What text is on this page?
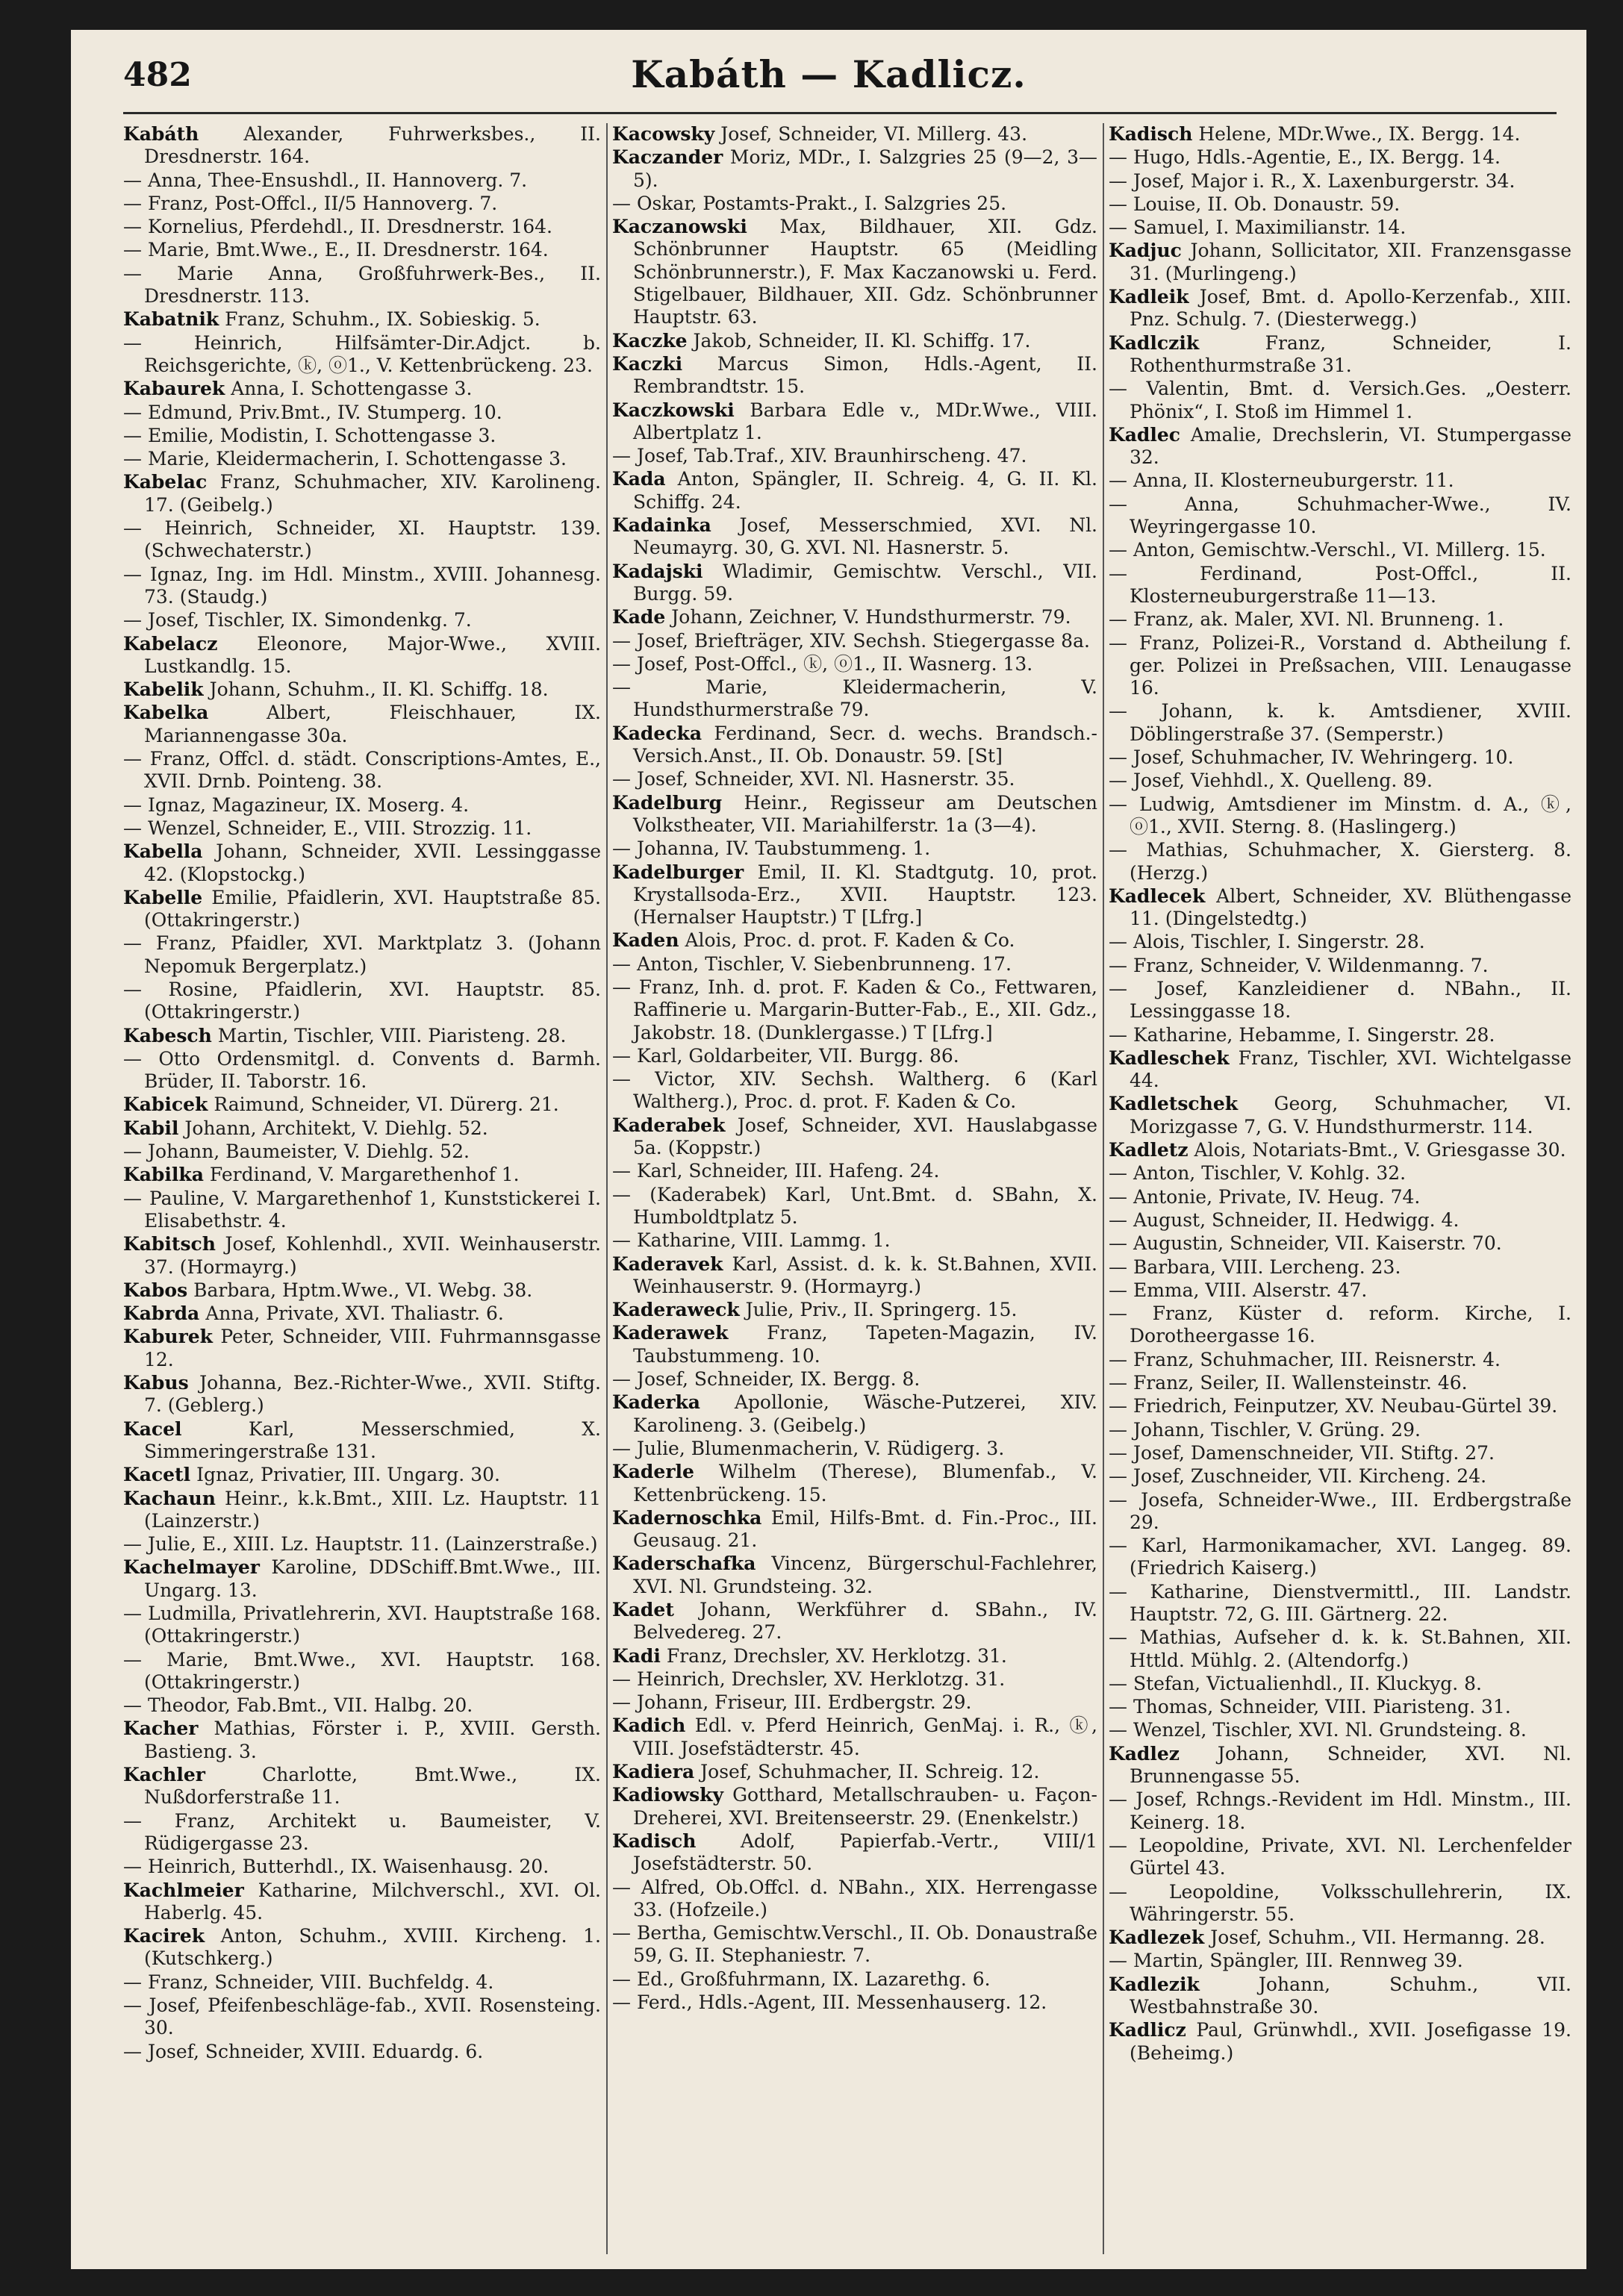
482	Kabáth — Kadlicz.
Kabáth Alexander, Fuhrwerksbes., II. Dresdnerstr. 164.
— Anna, Thee-Ensushdl., II. Hannoverg. 7.
— Franz, Post-Offcl., II/5 Hannoverg. 7.
— Kornelius, Pferdehdl., II. Dresdnerstr. 164.
— Marie, Bmt.Wwe., E., II. Dresdnerstr. 164.
— Marie Anna, Großfuhrwerk-Bes., II. Dresdnerstr. 113.
Kabatnik Franz, Schuhm., IX. Sobieskig. 5.
— Heinrich, Hilfsämter-Dir.Adjct. b. Reichsgerichte, ⓚ, ⓞ1., V. Kettenbrückeng. 23.
Kabaurek Anna, I. Schottengasse 3.
— Edmund, Priv.Bmt., IV. Stumperg. 10.
— Emilie, Modistin, I. Schottengasse 3.
— Marie, Kleidermacherin, I. Schottengasse 3.
Kabelac Franz, Schuhmacher, XIV. Karolineng. 17. (Geibelg.)
— Heinrich, Schneider, XI. Hauptstr. 139. (Schwechaterstr.)
— Ignaz, Ing. im Hdl. Minstm., XVIII. Johannesg. 73. (Staudg.)
— Josef, Tischler, IX. Simondenkg. 7.
Kabelacz Eleonore, Major-Wwe., XVIII. Lustkandlg. 15.
Kabelik Johann, Schuhm., II. Kl. Schiffg. 18.
Kabelka	Albert, Fleischhauer, IX. Mariannengasse 30a.
— Franz, Offcl. d. städt. Conscriptions-Amtes, E., XVII. Drnb. Pointeng. 38.
— Ignaz, Magazineur, IX. Moserg. 4.
— Wenzel, Schneider, E., VIII. Strozzig. 11.
Kabella Johann, Schneider, XVII. Lessinggasse 42. (Klopstockg.)
Kabelle Emilie, Pfaidlerin, XVI. Hauptstraße 85. (Ottakringerstr.)
— Franz, Pfaidler, XVI. Marktplatz 3. (Johann Nepomuk Bergerplatz.)
— Rosine, Pfaidlerin, XVI. Hauptstr. 85. (Ottakringerstr.)
Kabesch Martin, Tischler, VIII. Piaristeng. 28.
— Otto Ordensmitgl. d. Convents d. Barmh. Brüder, II. Taborstr. 16.
Kabicek Raimund, Schneider, VI. Dürerg. 21.
Kabil Johann, Architekt, V. Diehlg. 52.
— Johann, Baumeister, V. Diehlg. 52.
Kabilka Ferdinand, V. Margarethenhof 1.
— Pauline, V. Margarethenhof 1, Kunststickerei I. Elisabethstr. 4.
Kabitsch Josef, Kohlenhdl., XVII. Weinhauserstr. 37. (Hormayrg.)
Kabos Barbara, Hptm.Wwe., VI. Webg. 38.
Kabrda Anna, Private, XVI. Thaliastr. 6.
Kaburek Peter, Schneider, VIII. Fuhrmannsgasse 12.
Kabus Johanna, Bez.-Richter-Wwe., XVII. Stiftg. 7. (Geblerg.)
Kacel	Karl, Messerschmied, X. Simmeringerstraße 131.
Kacetl Ignaz, Privatier, III. Ungarg. 30.
Kachaun Heinr., k.k.Bmt., XIII. Lz. Hauptstr. 11 (Lainzerstr.)
— Julie, E., XIII. Lz. Hauptstr. 11. (Lainzerstraße.)
Kachelmayer Karoline, DDSchiff.Bmt.Wwe., III. Ungarg. 13.
— Ludmilla, Privatlehrerin, XVI. Hauptstraße 168. (Ottakringerstr.)
— Marie, Bmt.Wwe., XVI. Hauptstr. 168. (Ottakringerstr.)
— Theodor, Fab.Bmt., VII. Halbg. 20.
Kacher Mathias, Förster i. P., XVIII. Gersth. Bastieng. 3.
Kachler	Charlotte, Bmt.Wwe., IX. Nußdorferstraße 11.
— Franz, Architekt u. Baumeister, V. Rüdigergasse 23.
— Heinrich, Butterhdl., IX. Waisenhausg. 20.
Kachlmeier Katharine, Milchverschl., XVI. Ol. Haberlg. 45.
Kacirek Anton, Schuhm., XVIII. Kircheng. 1. (Kutschkerg.)
— Franz, Schneider, VIII. Buchfeldg. 4.
— Josef, Pfeifenbeschläge-fab., XVII. Rosensteing. 30.
— Josef, Schneider, XVIII. Eduardg. 6.
Kacowsky Josef, Schneider, VI. Millerg. 43.
Kaczander Moriz, MDr., I. Salzgries 25 (9—2, 3—5).
— Oskar, Postamts-Prakt., I. Salzgries 25.
Kaczanowski Max, Bildhauer, XII. Gdz. Schönbrunner Hauptstr. 65 (Meidling Schönbrunnerstr.), F. Max Kaczanowski u. Ferd. Stigelbauer, Bildhauer, XII. Gdz. Schönbrunner Hauptstr. 63.
Kaczke Jakob, Schneider, II. Kl. Schiffg. 17.
Kaczki Marcus Simon, Hdls.-Agent, II. Rembrandtstr. 15.
Kaczkowski Barbara Edle v., MDr.Wwe., VIII. Albertplatz 1.
— Josef, Tab.Traf., XIV. Braunhirscheng. 47.
Kada Anton, Spängler, II. Schreig. 4, G. II. Kl. Schiffg. 24.
Kadainka Josef, Messerschmied, XVI. Nl. Neumayrg. 30, G. XVI. Nl. Hasnerstr. 5.
Kadajski Wladimir, Gemischtw. Verschl., VII. Burgg. 59.
Kade Johann, Zeichner, V. Hundsthurmerstr. 79.
— Josef, Briefträger, XIV. Sechsh. Stiegergasse 8a.
— Josef, Post-Offcl., ⓚ, ⓞ1., II. Wasnerg. 13.
— Marie, Kleidermacherin, V. Hundsthurmerstraße 79.
Kadecka Ferdinand, Secr. d. wechs. Brandsch.-Versich.Anst., II. Ob. Donaustr. 59. [St]
— Josef, Schneider, XVI. Nl. Hasnerstr. 35.
Kadelburg Heinr., Regisseur am Deutschen Volkstheater, VII. Mariahilferstr. 1a (3—4).
— Johanna, IV. Taubstummeng. 1.
Kadelburger Emil, II. Kl. Stadtgutg. 10, prot. Krystallsoda-Erz., XVII. Hauptstr. 123. (Hernalser Hauptstr.) T [Lfrg.]
Kaden Alois, Proc. d. prot. F. Kaden & Co.
— Anton, Tischler, V. Siebenbrunneng. 17.
— Franz, Inh. d. prot. F. Kaden & Co., Fettwaren, Raffinerie u. Margarin-Butter-Fab., E., XII. Gdz., Jakobstr. 18. (Dunklergasse.) T [Lfrg.]
— Karl, Goldarbeiter, VII. Burgg. 86.
— Victor, XIV. Sechsh. Waltherg. 6 (Karl Waltherg.), Proc. d. prot. F. Kaden & Co.
Kaderabek Josef, Schneider, XVI. Hauslabgasse 5a. (Koppstr.)
— Karl, Schneider, III. Hafeng. 24.
— (Kaderabek) Karl, Unt.Bmt. d. SBahn, X. Humboldtplatz 5.
— Katharine, VIII. Lammg. 1.
Kaderavek Karl, Assist. d. k. k. St.Bahnen, XVII. Weinhauserstr. 9. (Hormayrg.)
Kaderaweck Julie, Priv., II. Springerg. 15.
Kaderawek Franz, Tapeten-Magazin, IV. Taubstummeng. 10.
— Josef, Schneider, IX. Bergg. 8.
Kaderka Apollonie, Wäsche-Putzerei, XIV. Karolineng. 3. (Geibelg.)
— Julie, Blumenmacherin, V. Rüdigerg. 3.
Kaderle Wilhelm (Therese), Blumenfab., V. Kettenbrückeng. 15.
Kadernoschka Emil, Hilfs-Bmt. d. Fin.-Proc., III. Geusaug. 21.
Kaderschafka Vincenz, Bürgerschul-Fachlehrer, XVI. Nl. Grundsteing. 32.
Kadet Johann, Werkführer d. SBahn., IV. Belvedereg. 27.
Kadi Franz, Drechsler, XV. Herklotzg. 31.
— Heinrich, Drechsler, XV. Herklotzg. 31.
— Johann, Friseur, III. Erdbergstr. 29.
Kadich Edl. v. Pferd Heinrich, GenMaj. i. R., ⓚ, VIII. Josefstädterstr. 45.
Kadiera Josef, Schuhmacher, II. Schreig. 12.
Kadiowsky Gotthard, Metallschrauben- u. Façon-Dreherei, XVI. Breitenseerstr. 29. (Enenkelstr.)
Kadisch Adolf, Papierfab.-Vertr., VIII/1 Josefstädterstr. 50.
— Alfred, Ob.Offcl. d. NBahn., XIX. Herrengasse 33. (Hofzeile.)
— Bertha, Gemischtw.Verschl., II. Ob. Donaustraße 59, G. II. Stephaniestr. 7.
— Ed., Großfuhrmann, IX. Lazarethg. 6.
— Ferd., Hdls.-Agent, III. Messenhauserg. 12.
Kadisch Helene, MDr.Wwe., IX. Bergg. 14.
— Hugo, Hdls.-Agentie, E., IX. Bergg. 14.
— Josef, Major i. R., X. Laxenburgerstr. 34.
— Louise, II. Ob. Donaustr. 59.
— Samuel, I. Maximilianstr. 14.
Kadjuc Johann, Sollicitator, XII. Franzensgasse 31. (Murlingeng.)
Kadleik Josef, Bmt. d. Apollo-Kerzenfab., XIII. Pnz. Schulg. 7. (Diesterwegg.)
Kadlczik	Franz, Schneider, I. Rothenthurmstraße 31.
— Valentin, Bmt. d. Versich.Ges. „Oesterr. Phönix“, I. Stoß im Himmel 1.
Kadlec Amalie, Drechslerin, VI. Stumpergasse 32.
— Anna, II. Klosterneuburgerstr. 11.
— Anna, Schuhmacher-Wwe., IV. Weyringergasse 10.
— Anton, Gemischtw.-Verschl., VI. Millerg. 15.
— Ferdinand, Post-Offcl., II. Klosterneuburgerstraße 11—13.
— Franz, ak. Maler, XVI. Nl. Brunneng. 1.
— Franz, Polizei-R., Vorstand d. Abtheilung f. ger. Polizei in Preßsachen, VIII. Lenaugasse 16.
— Johann, k. k. Amtsdiener, XVIII. Döblingerstraße 37. (Semperstr.)
— Josef, Schuhmacher, IV. Wehringerg. 10.
— Josef, Viehhdl., X. Quelleng. 89.
— Ludwig, Amtsdiener im Minstm. d. A., ⓚ, ⓞ1., XVII. Sterng. 8. (Haslingerg.)
— Mathias, Schuhmacher, X. Giersterg. 8. (Herzg.)
Kadlecek Albert, Schneider, XV. Blüthengasse 11. (Dingelstedtg.)
— Alois, Tischler, I. Singerstr. 28.
— Franz, Schneider, V. Wildenmanng. 7.
— Josef, Kanzleidiener d. NBahn., II. Lessinggasse 18.
— Katharine, Hebamme, I. Singerstr. 28.
Kadleschek Franz, Tischler, XVI. Wichtelgasse 44.
Kadletschek Georg, Schuhmacher, VI. Morizgasse 7, G. V. Hundsthurmerstr. 114.
Kadletz Alois, Notariats-Bmt., V. Griesgasse 30.
— Anton, Tischler, V. Kohlg. 32.
— Antonie, Private, IV. Heug. 74.
— August, Schneider, II. Hedwigg. 4.
— Augustin, Schneider, VII. Kaiserstr. 70.
— Barbara, VIII. Lercheng. 23.
— Emma, VIII. Alserstr. 47.
— Franz, Küster d. reform. Kirche, I. Dorotheergasse 16.
— Franz, Schuhmacher, III. Reisnerstr. 4.
— Franz, Seiler, II. Wallensteinstr. 46.
— Friedrich, Feinputzer, XV. Neubau-Gürtel 39.
— Johann, Tischler, V. Grüng. 29.
— Josef, Damenschneider, VII. Stiftg. 27.
— Josef, Zuschneider, VII. Kircheng. 24.
— Josefa, Schneider-Wwe., III. Erdbergstraße 29.
— Karl, Harmonikamacher, XVI. Langeg. 89. (Friedrich Kaiserg.)
— Katharine, Dienstvermittl., III. Landstr. Hauptstr. 72, G. III. Gärtnerg. 22.
— Mathias, Aufseher d. k. k. St.Bahnen, XII. Httld. Mühlg. 2. (Altendorfg.)
— Stefan, Victualienhdl., II. Kluckyg. 8.
— Thomas, Schneider, VIII. Piaristeng. 31.
— Wenzel, Tischler, XVI. Nl. Grundsteing. 8.
Kadlez Johann, Schneider, XVI. Nl. Brunnengasse 55.
— Josef, Rchngs.-Revident im Hdl. Minstm., III. Keinerg. 18.
— Leopoldine, Private, XVI. Nl. Lerchenfelder Gürtel 43.
— Leopoldine, Volksschullehrerin, IX. Währingerstr. 55.
Kadlezek Josef, Schuhm., VII. Hermanng. 28.
— Martin, Spängler, III. Rennweg 39.
Kadlezik	Johann, Schuhm., VII. Westbahnstraße 30.
Kadlicz Paul, Grünwhdl., XVII. Josefigasse 19. (Beheimg.)
